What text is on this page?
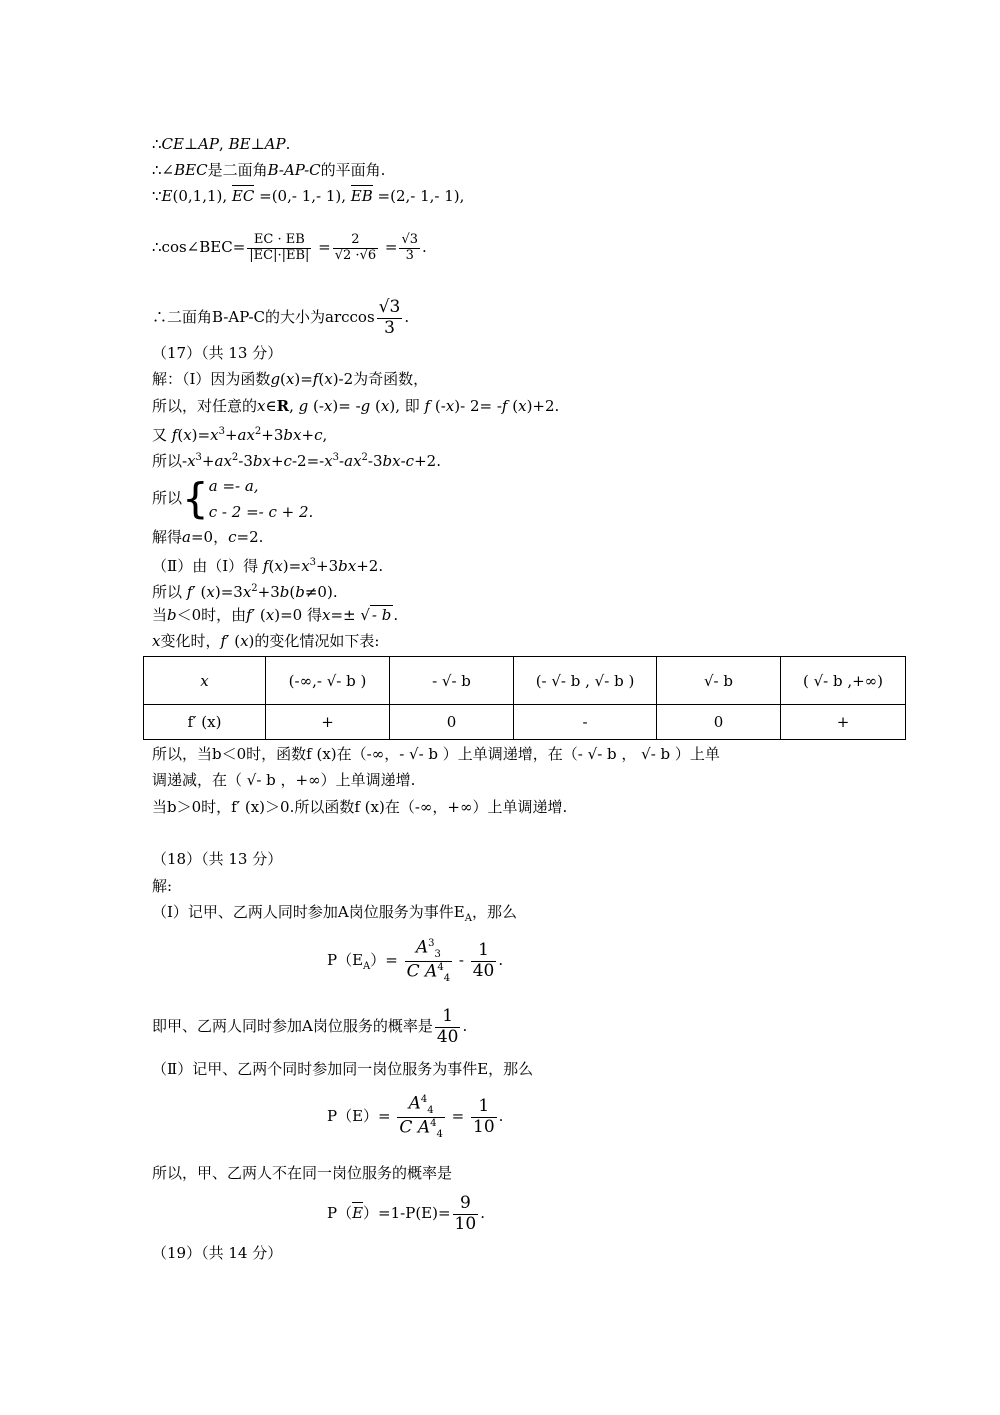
∴CE⊥AP, BE⊥AP.
∴∠BEC是二面角B-AP-C的平面角.
∵E(0,1,1), EC =(0,- 1,- 1), EB =(2,- 1,- 1),
∴cos∠BEC= $\frac{EC \cdot EB}{|EC|\cdot|EB|} = \frac{2}{√2 \cdot√6} = \frac{√3}{3}$ .
∴二面角B-AP-C的大小为$\arccos \frac{√3}{3}$ .
（17）（共 13 分）
解：（Ⅰ）因为函数g(x)=f(x)-2为奇函数，
所以，对任意的x∈R, g (-x)= -g (x), 即 f (-x)- 2= -f (x)+2.
又 $f(x)=x^3+ax^2+3bx+c$,
所以$-x^3+ax^2-3bx+c-2=-x^3-ax^2-3bx-c+2$.
所以{ a =- a,
c - 2 =- c + 2.
解得a=0，c=2.
（Ⅱ）由（Ⅰ）得 $f(x)=x^3+3bx+2$.
所以 f′ $(x)=3x^2+3b(b\ne 0)$.
当b＜0时，由f′ (x)=0 得x=± √ - b .
x变化时，f′ (x)的变化情况如下表:
x	(-∞,- √- b )	- √- b	(- √- b , √- b )	√- b	( √- b ,+∞)
f′ (x)	+	0	-	0	+
所以，当b＜0时，函数f (x)在（-∞，- √- b ）上单调递增，在（- √- b ， √- b ）上单
调递减，在（ √- b ，+∞）上单调递增.
当b＞0时，f′ (x)＞0.所以函数f (x)在（-∞，+∞）上单调递增.
（18）（共 13 分）
解:
（Ⅰ）记甲、乙两人同时参加A岗位服务为事件$E_A$，那么
$P(E_A)= \frac{A^3_3}{C A^4_4} - \frac{1}{40}$ .
即甲、乙两人同时参加A岗位服务的概率是 $\frac{1}{40}$ .
（Ⅱ）记甲、乙两个同时参加同一岗位服务为事件E，那么
$P(E)= \frac{A^4_4}{C A^4_4} = \frac{1}{10}$ .
所以，甲、乙两人不在同一岗位服务的概率是
$P(E)=1-P(E)= \frac{9}{10}$ .
（19）（共 14 分）
